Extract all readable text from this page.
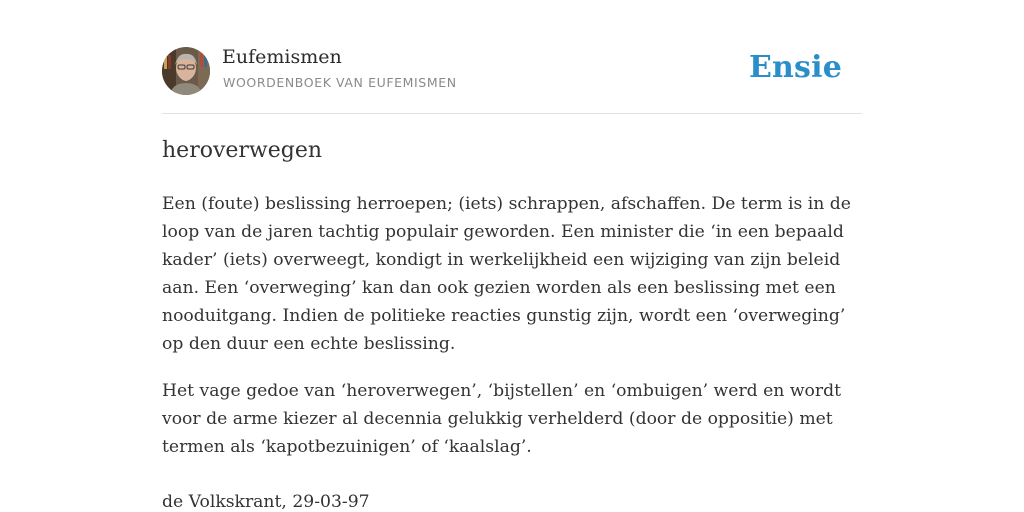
Eufemismen
WOORDENBOEK VAN EUFEMISMEN	Ensie
heroverwegen

Een (foute) beslissing herroepen; (iets) schrappen, afschaffen. De term is in de loop van de jaren tachtig populair geworden. Een minister die ‘in een bepaald kader’ (iets) overweegt, kondigt in werkelijkheid een wijziging van zijn beleid aan. Een ‘overweging’ kan dan ook gezien worden als een beslissing met een nooduitgang. Indien de politieke reacties gunstig zijn, wordt een ‘overweging’ op den duur een echte beslissing.

Het vage gedoe van ‘heroverwegen’, ‘bijstellen’ en ‘ombuigen’ werd en wordt voor de arme kiezer al decennia gelukkig verhelderd (door de oppositie) met termen als ‘kapotbezuinigen’ of ‘kaalslag’.

de Volkskrant, 29-03-97
